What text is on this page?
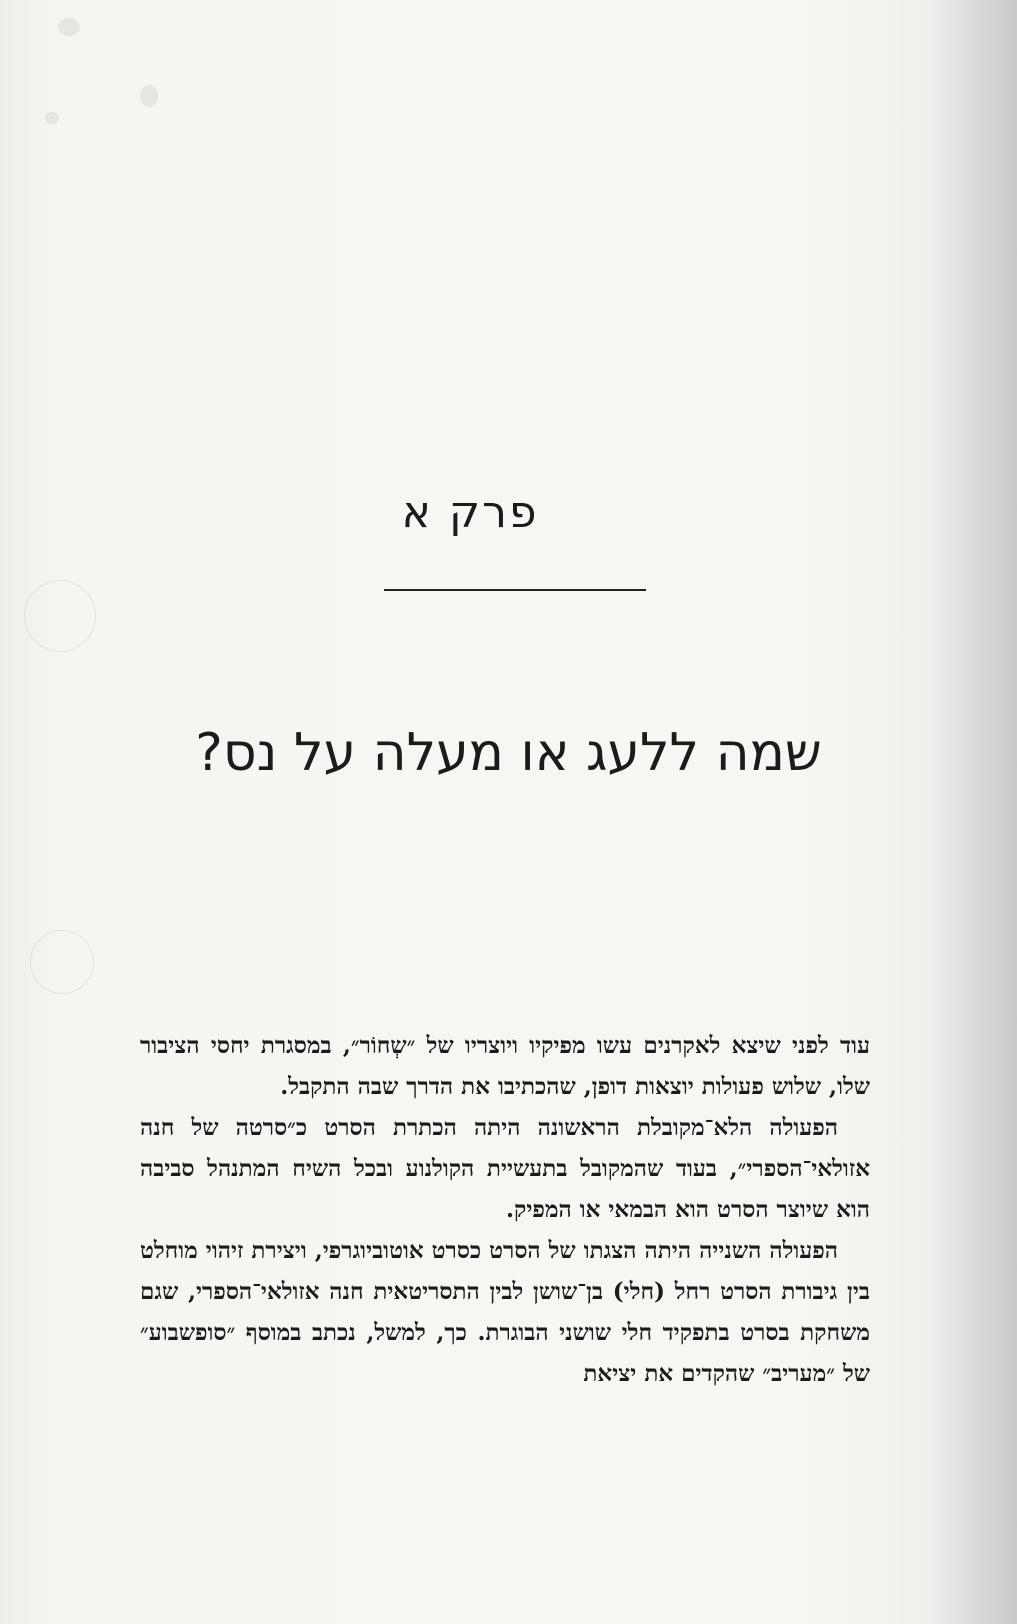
פרק א
שמה ללעג או מעלה על נס?

עוד לפני שיצא לאקרנים עשו מפיקיו ויוצריו של ״שְחוֹר״, במסגרת יחסי הציבור שלו, שלוש פעולות יוצאות דופן, שהכתיבו את הדרך שבה התקבל.

הפעולה הלא־מקובלת הראשונה היתה הכתרת הסרט כ״סרטה של חנה אזולאי־הספרי״, בעוד שהמקובל בתעשיית הקולנוע ובכל השיח המתנהל סביבה הוא שיוצר הסרט הוא הבמאי או המפיק.

הפעולה השנייה היתה הצגתו של הסרט כסרט אוטוביוגרפי, ויצירת זיהוי מוחלט בין גיבורת הסרט רחל (חלי) בן־שושן לבין התסריטאית חנה אזולאי־הספרי, שגם משחקת בסרט בתפקיד חלי שושני הבוגרת. כך, למשל, נכתב במוסף ״סופשבוע״ של ״מעריב״ שהקדים את יציאת
